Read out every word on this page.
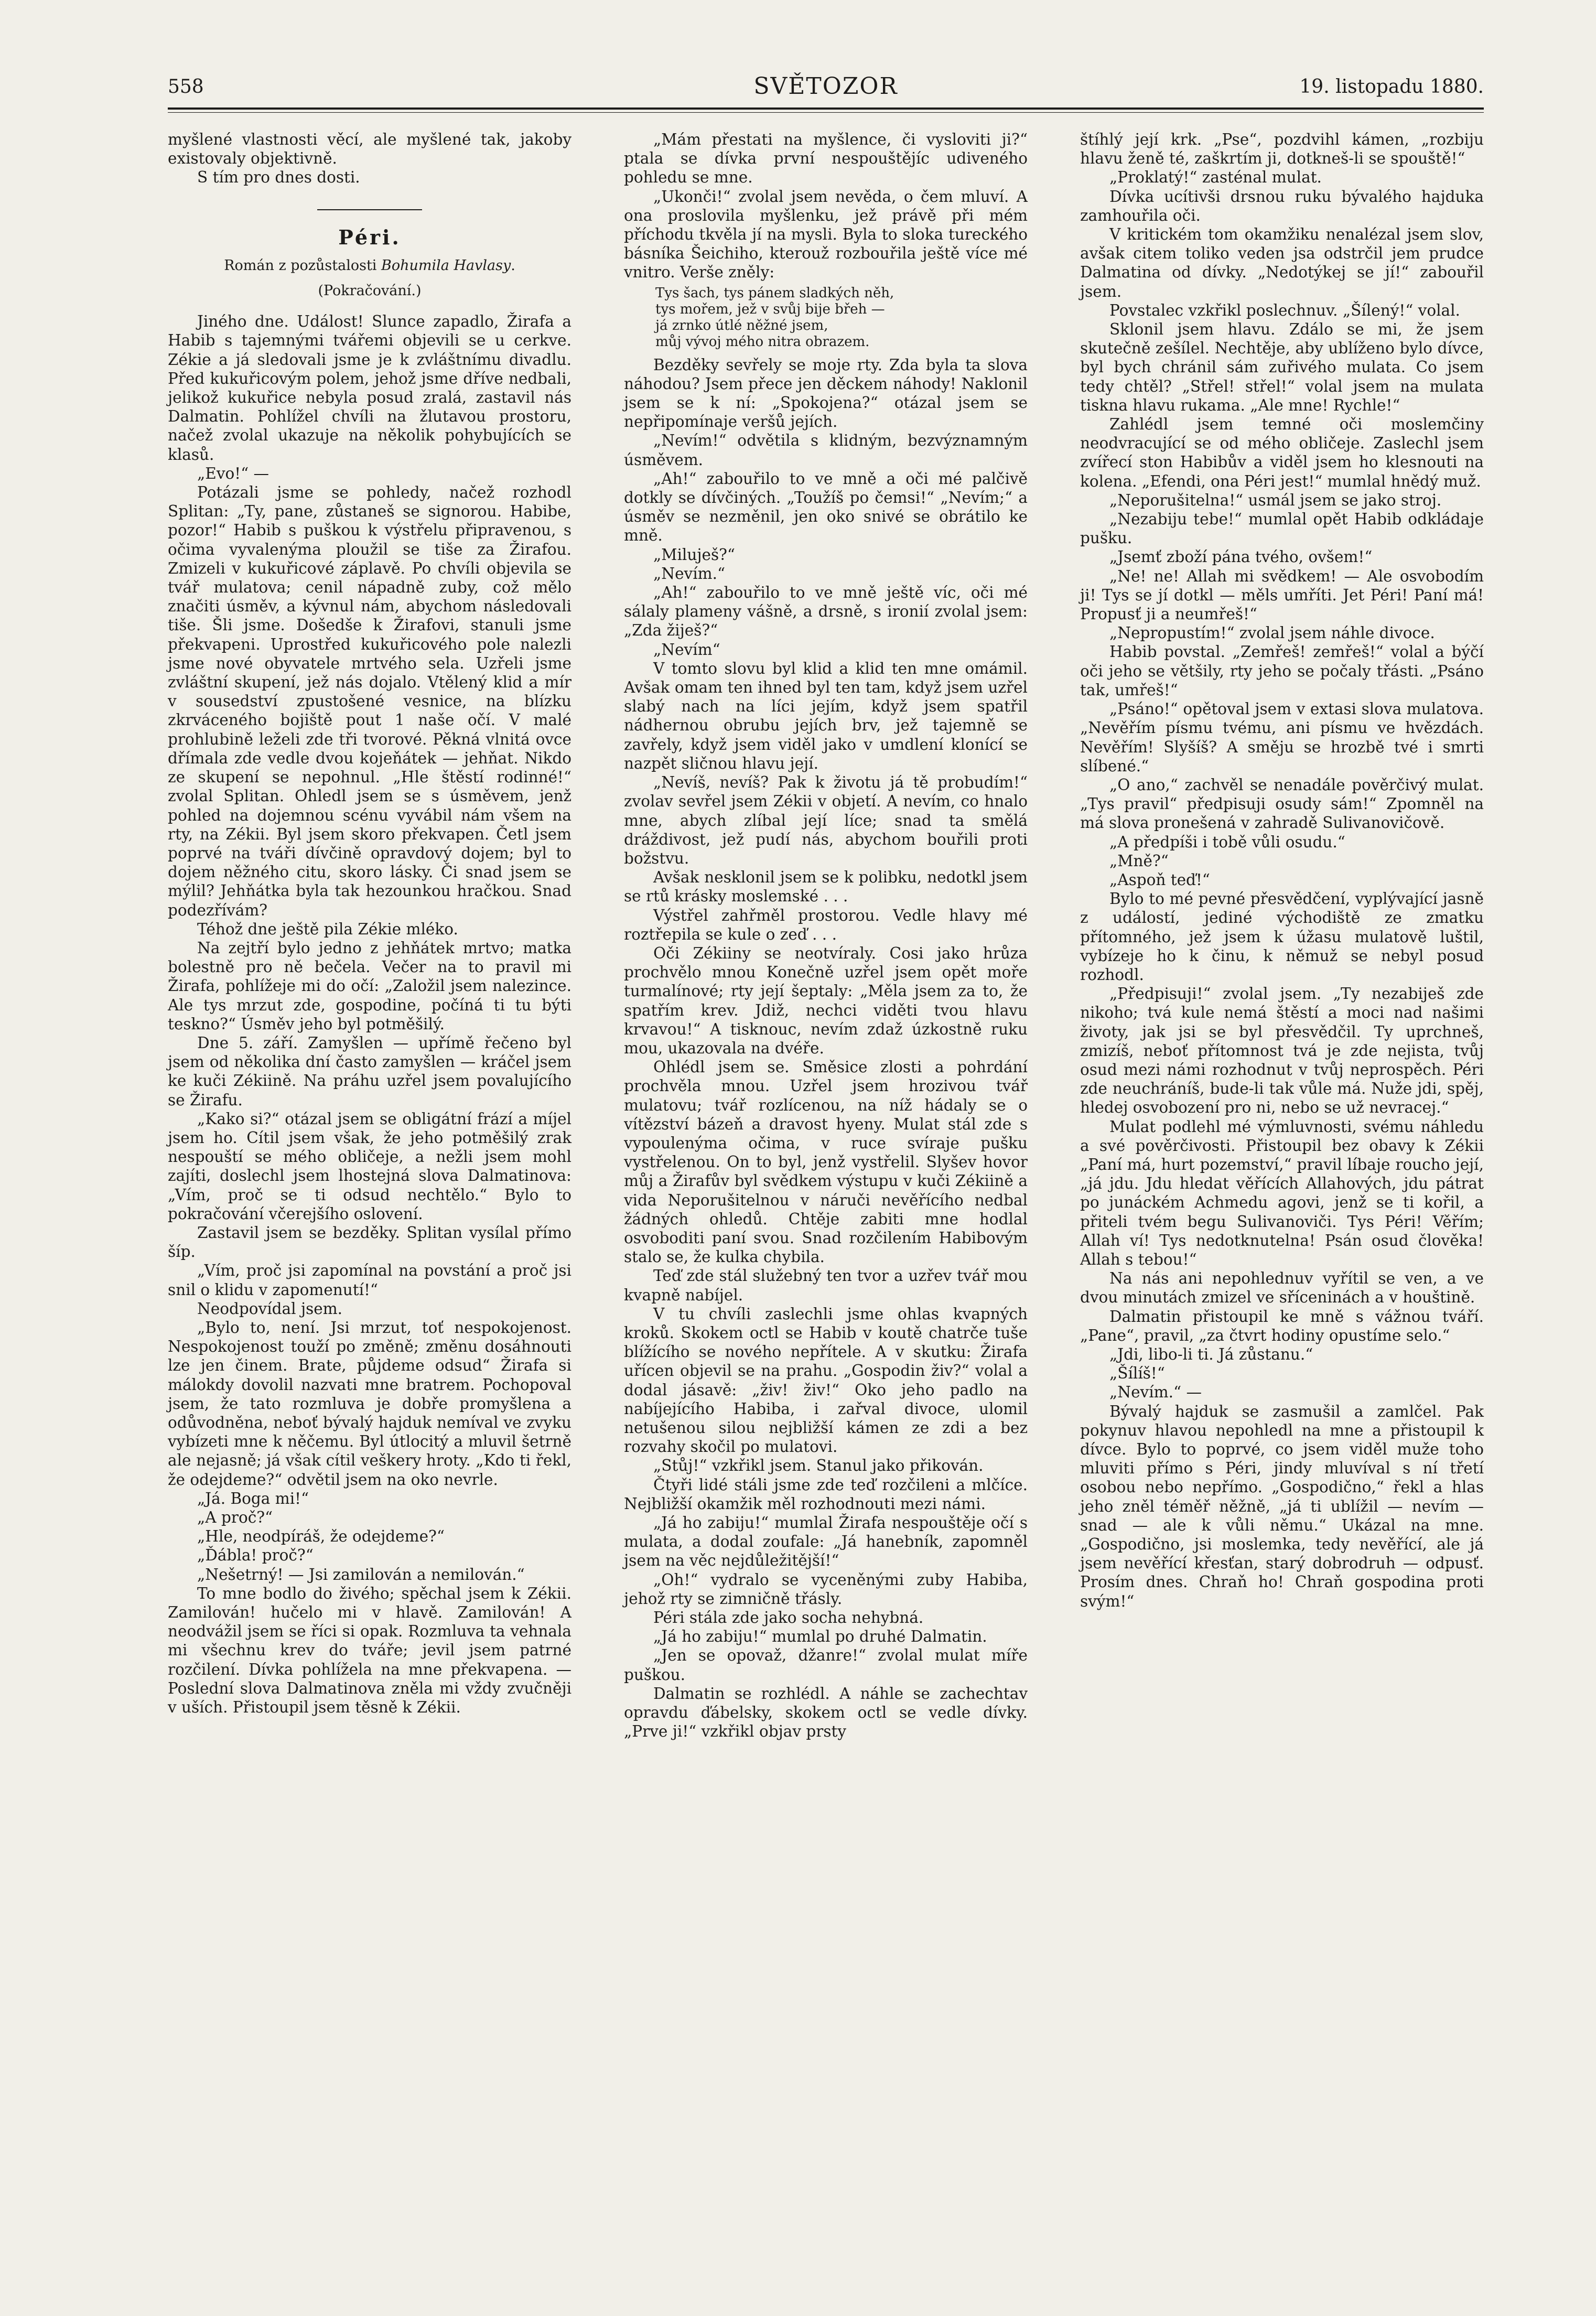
558	SVĚTOZOR	19. listopadu 1880.

myšlené vlastnosti věcí, ale myšlené tak, jakoby existovaly objektivně.

S tím pro dnes dosti.

Péri.
Román z pozůstalosti Bohumila Havlasy.
(Pokračování.)

Jiného dne. Událost! Slunce zapadlo, Žirafa a Habib s tajemnými tvářemi objevili se u cerkve. Zékie a já sledovali jsme je k zvláštnímu divadlu. Před kukuřicovým polem, jehož jsme dříve nedbali, jelikož kukuřice nebyla posud zralá, zastavil nás Dalmatin. Pohlížel chvíli na žlutavou prostoru, načež zvolal ukazuje na několik pohybujících se klasů.

„Evo!“ —

Potázali jsme se pohledy, načež rozhodl Splitan: „Ty, pane, zůstaneš se signorou. Habibe, pozor!“ Habib s puškou k výstřelu připravenou, s očima vyvalenýma ploužil se tiše za Žirafou. Zmizeli v kukuřicové záplavě. Po chvíli objevila se tvář mulatova; cenil nápadně zuby, což mělo značiti úsměv, a kývnul nám, abychom následovali tiše. Šli jsme. Došedše k Žirafovi, stanuli jsme překvapeni. Uprostřed kukuřicového pole nalezli jsme nové obyvatele mrtvého sela. Uzřeli jsme zvláštní skupení, jež nás dojalo. Vtělený klid a mír v sousedství zpustošené vesnice, na blízku zkrváceného bojiště pout 1 naše očí. V malé prohlubině leželi zde tři tvorové. Pěkná vlnitá ovce dřímala zde vedle dvou kojeňátek — jehňat. Nikdo ze skupení se nepohnul. „Hle štěstí rodinné!“ zvolal Splitan. Ohledl jsem se s úsměvem, jenž pohled na dojemnou scénu vyvábil nám všem na rty, na Zékii. Byl jsem skoro překvapen. Četl jsem poprvé na tváři dívčině opravdový dojem; byl to dojem něžného citu, skoro lásky. Či snad jsem se mýlil? Jehňátka byla tak hezounkou hračkou. Snad podezřívám?

Téhož dne ještě pila Zékie mléko.

Na zejtří bylo jedno z jehňátek mrtvo; matka bolestně pro ně bečela. Večer na to pravil mi Žirafa, pohlížeje mi do očí: „Založil jsem nalezince. Ale tys mrzut zde, gospodine, počíná ti tu býti teskno?“ Úsměv jeho byl potměšilý.

Dne 5. září. Zamyšlen — upřímě řečeno byl jsem od několika dní často zamyšlen — kráčel jsem ke kuči Zékiině. Na práhu uzřel jsem povalujícího se Žirafu.

„Kako si?“ otázal jsem se obligátní frází a míjel jsem ho. Cítil jsem však, že jeho potměšilý zrak nespouští se mého obličeje, a nežli jsem mohl zajíti, doslechl jsem lhostejná slova Dalmatinova: „Vím, proč se ti odsud nechtělo.“ Bylo to pokračování včerejšího oslovení.

Zastavil jsem se bezděky. Splitan vysílal přímo šíp.

„Vím, proč jsi zapomínal na povstání a proč jsi snil o klidu v zapomenutí!“

Neodpovídal jsem.

„Bylo to, není. Jsi mrzut, toť nespokojenost. Nespokojenost touží po změně; změnu dosáhnouti lze jen činem. Brate, půjdeme odsud“ Žirafa si málokdy dovolil nazvati mne bratrem. Pochopoval jsem, že tato rozmluva je dobře promyšlena a odůvodněna, neboť bývalý hajduk nemíval ve zvyku vybízeti mne k něčemu. Byl útlocitý a mluvil šetrně ale nejasně; já však cítil veškery hroty. „Kdo ti řekl, že odejdeme?“ odvětil jsem na oko nevrle.

„Já. Boga mi!“

„A proč?“

„Hle, neodpíráš, že odejdeme?“

„Ďábla! proč?“

„Nešetrný! — Jsi zamilován a nemilován.“

To mne bodlo do živého; spěchal jsem k Zékii. Zamilován! hučelo mi v hlavě. Zamilován! A neodvážil jsem se říci si opak. Rozmluva ta vehnala mi všechnu krev do tváře; jevil jsem patrné rozčilení. Dívka pohlížela na mne překvapena. — Poslední slova Dalmatinova zněla mi vždy zvučněji v uších. Přistoupil jsem těsně k Zékii.

„Mám přestati na myšlence, či vysloviti ji?“ ptala se dívka první nespouštějíc udiveného pohledu se mne.

„Ukonči!“ zvolal jsem nevěda, o čem mluví. A ona proslovila myšlenku, jež právě při mém příchodu tkvěla jí na mysli. Byla to sloka tureckého básníka Šeichiho, kterouž rozbouřila ještě více mé vnitro. Verše zněly:

Tys šach, tys pánem sladkých něh,
tys mořem, jež v svůj bije břeh —
já zrnko útlé něžné jsem,
můj vývoj mého nitra obrazem.

Bezděky sevřely se moje rty. Zda byla ta slova náhodou? Jsem přece jen děckem náhody! Naklonil jsem se k ní: „Spokojena?“ otázal jsem se nepřipomínaje veršů jejích.

„Nevím!“ odvětila s klidným, bezvýznamným úsměvem.

„Ah!“ zabouřilo to ve mně a oči mé palčivě dotkly se dívčiných. „Toužíš po čemsi!“ „Nevím;“ a úsměv se nezměnil, jen oko snivé se obrátilo ke mně.

„Miluješ?“

„Nevím.“

„Ah!“ zabouřilo to ve mně ještě víc, oči mé sálaly plameny vášně, a drsně, s ironií zvolal jsem: „Zda žiješ?“

„Nevím“

V tomto slovu byl klid a klid ten mne omámil. Avšak omam ten ihned byl ten tam, když jsem uzřel slabý nach na líci jejím, když jsem spatřil nádhernou obrubu jejích brv, jež tajemně se zavřely, když jsem viděl jako v umdlení klonící se nazpět sličnou hlavu její.

„Nevíš, nevíš? Pak k životu já tě probudím!“ zvolav sevřel jsem Zékii v objetí. A nevím, co hnalo mne, abych zlíbal její líce; snad ta smělá dráždivost, jež pudí nás, abychom bouřili proti božstvu.

Avšak nesklonil jsem se k polibku, nedotkl jsem se rtů krásky moslemské . . .

Výstřel zahřměl prostorou. Vedle hlavy mé roztřepila se kule o zeď . . .

Oči Zékiiny se neotvíraly. Cosi jako hrůza prochvělo mnou Konečně uzřel jsem opět moře turmalínové; rty její šeptaly: „Měla jsem za to, že spatřím krev. Jdiž, nechci viděti tvou hlavu krvavou!“ A tisknouc, nevím zdaž úzkostně ruku mou, ukazovala na dvéře.

Ohlédl jsem se. Směsice zlosti a pohrdání prochvěla mnou. Uzřel jsem hrozivou tvář mulatovu; tvář rozlícenou, na níž hádaly se o vítězství bázeň a dravost hyeny. Mulat stál zde s vypoulenýma očima, v ruce svíraje pušku vystřelenou. On to byl, jenž vystřelil. Slyšev hovor můj a Žirafův byl svědkem výstupu v kuči Zékiině a vida Neporušitelnou v náruči nevěřícího nedbal žádných ohledů. Chtěje zabiti mne hodlal osvoboditi paní svou. Snad rozčilením Habibovým stalo se, že kulka chybila.

Teď zde stál služebný ten tvor a uzřev tvář mou kvapně nabíjel.

V tu chvíli zaslechli jsme ohlas kvapných kroků. Skokem octl se Habib v koutě chatrče tuše blížícího se nového nepřítele. A v skutku: Žirafa uřícen objevil se na prahu. „Gospodin živ?“ volal a dodal jásavě: „živ! živ!“ Oko jeho padlo na nabíjejícího Habiba, i zařval divoce, ulomil netušenou silou nejbližší kámen ze zdi a bez rozvahy skočil po mulatovi.

„Stůj!“ vzkřikl jsem. Stanul jako přikován.

Čtyři lidé stáli jsme zde teď rozčileni a mlčíce. Nejbližší okamžik měl rozhodnouti mezi námi.

„Já ho zabiju!“ mumlal Žirafa nespouštěje očí s mulata, a dodal zoufale: „Já hanebník, zapomněl jsem na věc nejdůležitější!“

„Oh!“ vydralo se vyceněnými zuby Habiba, jehož rty se zimničně třásly.

Péri stála zde jako socha nehybná.

„Já ho zabiju!“ mumlal po druhé Dalmatin.

„Jen se opovaž, džanre!“ zvolal mulat míře puškou.

Dalmatin se rozhlédl. A náhle se zachechtav opravdu ďábelsky, skokem octl se vedle dívky. „Prve ji!“ vzkřikl objav prsty

štíhlý její krk. „Pse“, pozdvihl kámen, „rozbiju hlavu ženě té, zaškrtím ji, dotkneš-li se spouště!“

„Proklatý!“ zasténal mulat.

Dívka ucítivši drsnou ruku bývalého hajduka zamhouřila oči.

V kritickém tom okamžiku nenalézal jsem slov, avšak citem toliko veden jsa odstrčil jem prudce Dalmatina od dívky. „Nedotýkej se jí!“ zabouřil jsem.

Povstalec vzkřikl poslechnuv. „Šílený!“ volal.

Sklonil jsem hlavu. Zdálo se mi, že jsem skutečně zešílel. Nechtěje, aby ublíženo bylo dívce, byl bych chránil sám zuřivého mulata. Co jsem tedy chtěl? „Střel! střel!“ volal jsem na mulata tiskna hlavu rukama. „Ale mne! Rychle!“

Zahlédl jsem temné oči moslemčiny neodvracující se od mého obličeje. Zaslechl jsem zvířecí ston Habibův a viděl jsem ho klesnouti na kolena. „Efendi, ona Péri jest!“ mumlal hnědý muž.

„Neporušitelna!“ usmál jsem se jako strој.

„Nezabiju tebe!“ mumlal opět Habib odkládaje pušku.

„Jsemť zboží pána tvého, ovšem!“

„Ne! ne! Allah mi svědkem! — Ale osvobodím ji! Tys se jí dotkl — měls umříti. Jet Péri! Paní má! Propusť ji a neumřeš!“

„Nepropustím!“ zvolal jsem náhle divoce.

Habib povstal. „Zemřeš! zemřeš!“ volal a býčí oči jeho se většily, rty jeho se počaly třásti. „Psáno tak, umřeš!“

„Psáno!“ opětoval jsem v extasi slova mulatova. „Nevěřím písmu tvému, ani písmu ve hvězdách. Nevěřím! Slyšíš? A směju se hrozbě tvé i smrti slíbené.“

„O ano,“ zachvěl se nenadále pověrčivý mulat. „Tys pravil“ předpisuji osudy sám!“ Zpomněl na má slova pronešená v zahradě Sulivanovičově.

„A předpíši i tobě vůli osudu.“

„Mně?“

„Aspoň teď!“

Bylo to mé pevné přesvědčení, vyplývající jasně z událostí, jediné východiště ze zmatku přítomného, jež jsem k úžasu mulatově luštil, vybízeje ho k činu, k němuž se nebyl posud rozhodl.

„Předpisuji!“ zvolal jsem. „Ty nezabiješ zde nikoho; tvá kule nemá štěstí a moci nad našimi životy, jak jsi se byl přesvědčil. Ty uprchneš, zmizíš, neboť přítomnost tvá je zde nejista, tvůj osud mezi námi rozhodnut v tvůj neprospěch. Péri zde neuchráníš, bude-li tak vůle má. Nuže jdi, spěj, hledej osvobození pro ni, nebo se už nevracej.“

Mulat podlehl mé výmluvnosti, svému náhledu a své pověrčivosti. Přistoupil bez obavy k Zékii „Paní má, hurt pozemství,“ pravil líbaje roucho její, „já jdu. Jdu hledat věřících Allahových, jdu pátrat po junáckém Achmedu agovi, jenž se ti kořil, a přiteli tvém begu Sulivanoviči. Tys Péri! Věřím; Allah ví! Tys nedotknutelna! Psán osud člověka! Allah s tebou!“

Na nás ani nepohlednuv vyřítil se ven, a ve dvou minutách zmizel ve sříceninách a v houštině.

Dalmatin přistoupil ke mně s vážnou tváří. „Pane“, pravil, „za čtvrt hodiny opustíme selo.“

„Jdi, libo-li ti. Já zůstanu.“

„Šílíš!“

„Nevím.“ —

Bývalý hajduk se zasmušil a zamlčel. Pak pokynuv hlavou nepohledl na mne a přistoupil k dívce. Bylo to poprvé, co jsem viděl muže toho mluviti přímo s Péri, jindy mluvíval s ní třetí osobou nebo nepřímo. „Gospodično,“ řekl a hlas jeho zněl téměř něžně, „já ti ublížil — nevím — snad — ale k vůli němu.“ Ukázal na mne. „Gospodično, jsi moslemka, tedy nevěřící, ale já jsem nevěřící křesťan, starý dobrodruh — odpusť. Prosím dnes. Chraň ho! Chraň gospodina proti svým!“
